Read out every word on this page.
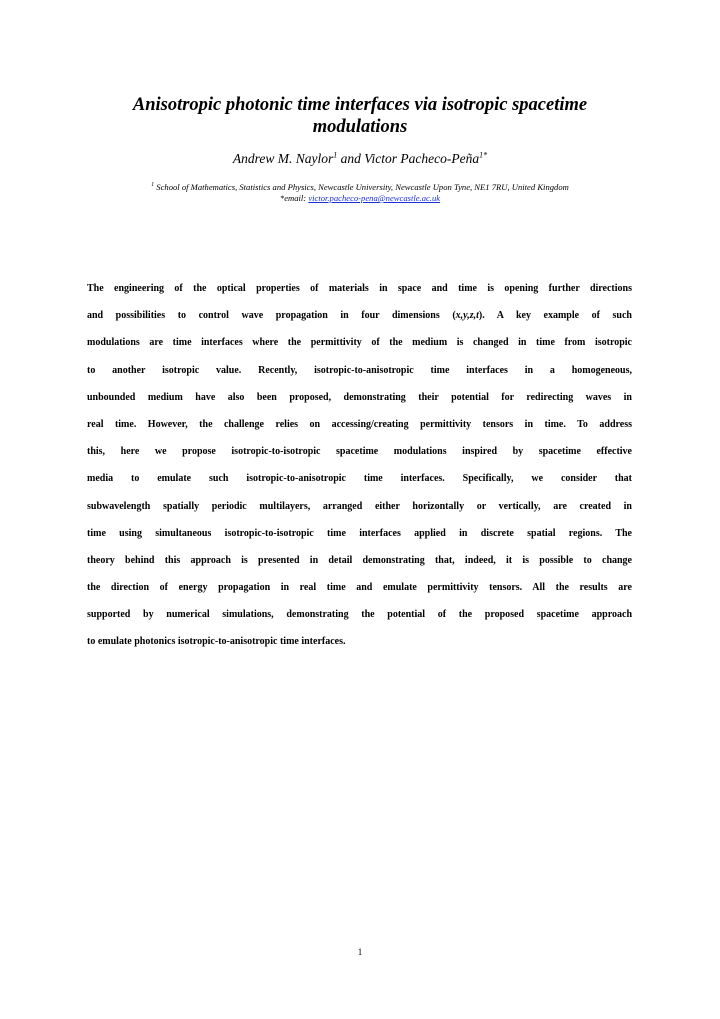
Anisotropic photonic time interfaces via isotropic spacetime
modulations
Andrew M. Naylor$^1$ and Victor Pacheco-Peña$^{1*}$
$^1$ School of Mathematics, Statistics and Physics, Newcastle University, Newcastle Upon Tyne, NE1 7RU, United Kingdom
*email: victor.pacheco-pena@newcastle.ac.uk
The engineering of the optical properties of materials in space and time is opening further directions
and possibilities to control wave propagation in four dimensions (x,y,z,t). A key example of such
modulations are time interfaces where the permittivity of the medium is changed in time from isotropic
to another isotropic value. Recently, isotropic-to-anisotropic time interfaces in a homogeneous,
unbounded medium have also been proposed, demonstrating their potential for redirecting waves in
real time. However, the challenge relies on accessing/creating permittivity tensors in time. To address
this, here we propose isotropic-to-isotropic spacetime modulations inspired by spacetime effective
media to emulate such isotropic-to-anisotropic time interfaces. Specifically, we consider that
subwavelength spatially periodic multilayers, arranged either horizontally or vertically, are created in
time using simultaneous isotropic-to-isotropic time interfaces applied in discrete spatial regions. The
theory behind this approach is presented in detail demonstrating that, indeed, it is possible to change
the direction of energy propagation in real time and emulate permittivity tensors. All the results are
supported by numerical simulations, demonstrating the potential of the proposed spacetime approach
to emulate photonics isotropic-to-anisotropic time interfaces.
1
